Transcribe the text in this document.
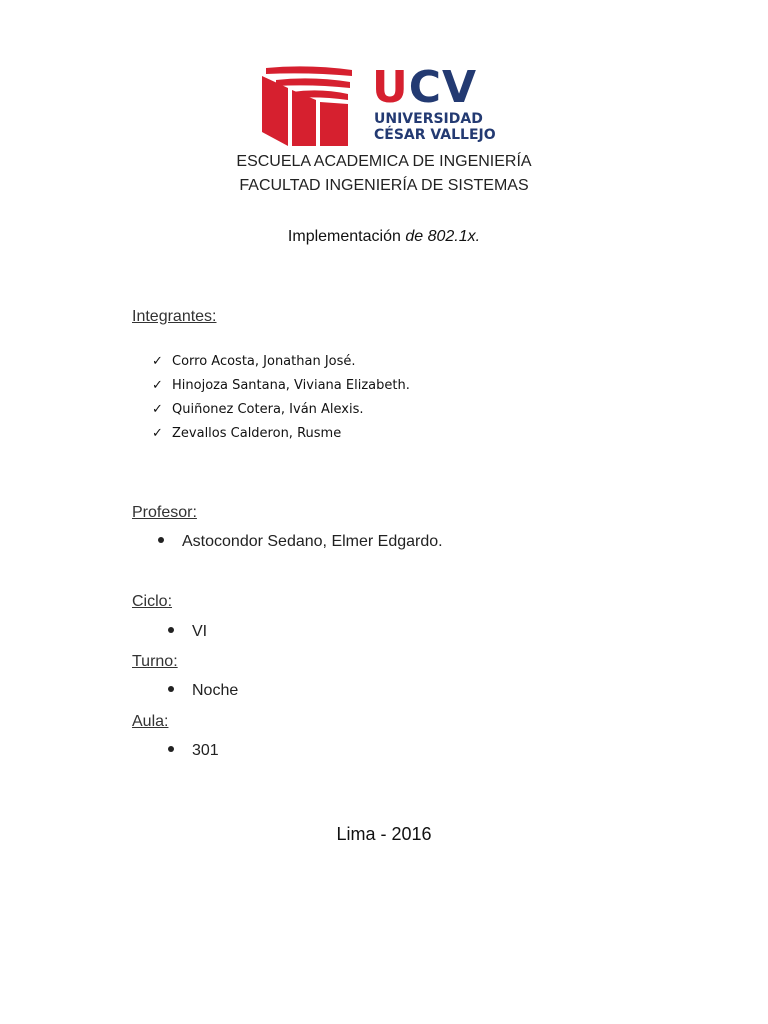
UCV
UNIVERSIDAD
CÉSAR VALLEJO
ESCUELA ACADEMICA DE INGENIERÍA
FACULTAD INGENIERÍA DE SISTEMAS
Implementación de 802.1x.
Integrantes:
✓ Corro Acosta, Jonathan José.
✓ Hinojoza Santana, Viviana Elizabeth.
✓ Quiñonez Cotera, Iván Alexis.
✓ Zevallos Calderon, Rusme
Profesor:
Astocondor Sedano, Elmer Edgardo.
Ciclo:
VI
Turno:
Noche
Aula:
301
Lima - 2016
